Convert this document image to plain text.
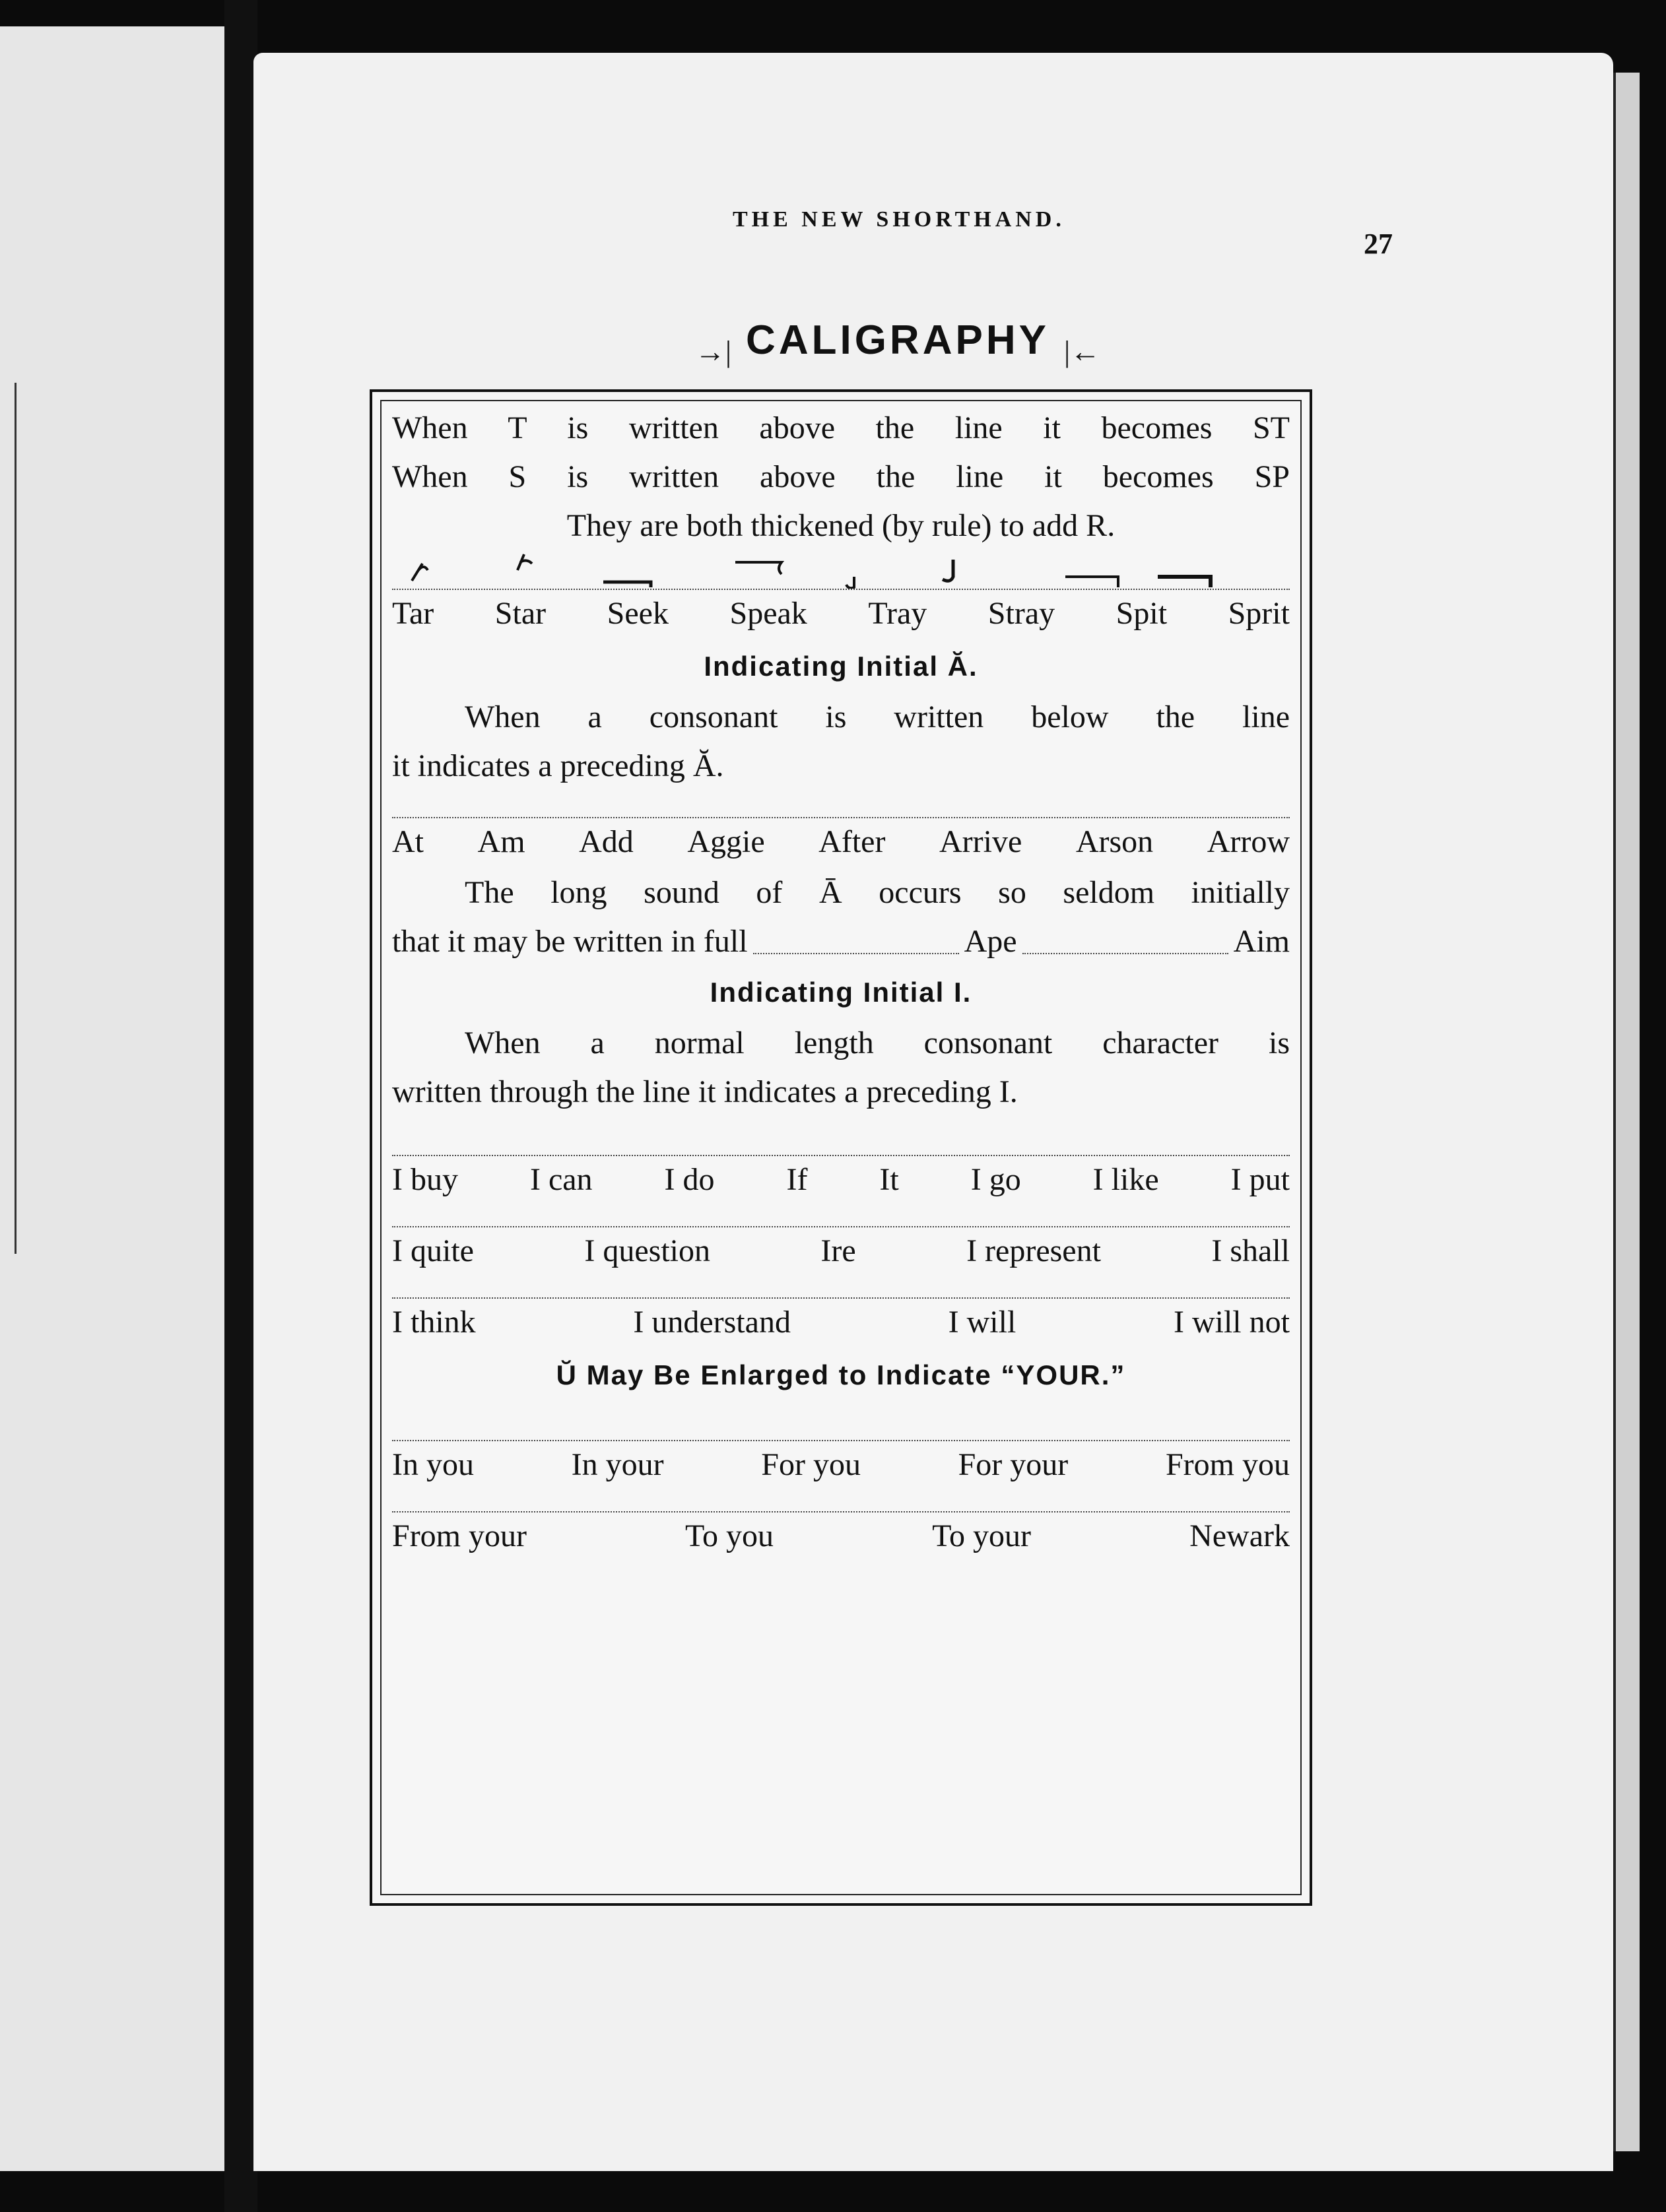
THE NEW SHORTHAND.
27
→| CALIGRAPHY |←
When T is written above the line it becomes ST
When S is written above the line it becomes SP
They are both thickened (by rule) to add R.
Tar Star Seek Speak Tray Stray Spit Sprit
Indicating Initial Ă.
When a consonant is written below the line
it indicates a preceding Ă.
At Am Add Aggie After Arrive Arson Arrow
The long sound of Ā occurs so seldom initially
that it may be written in full	Ape	Aim
Indicating Initial I.
When a normal length consonant character is
written through the line it indicates a preceding I.
I buy I can I do If It I go I like I put
I quite	I question	Ire	I represent	I shall
I think	I understand	I will	I will not
Ŭ May Be Enlarged to Indicate “YOUR.”
In you	In your	For you	For your	From you
From your	To you	To your	Newark
